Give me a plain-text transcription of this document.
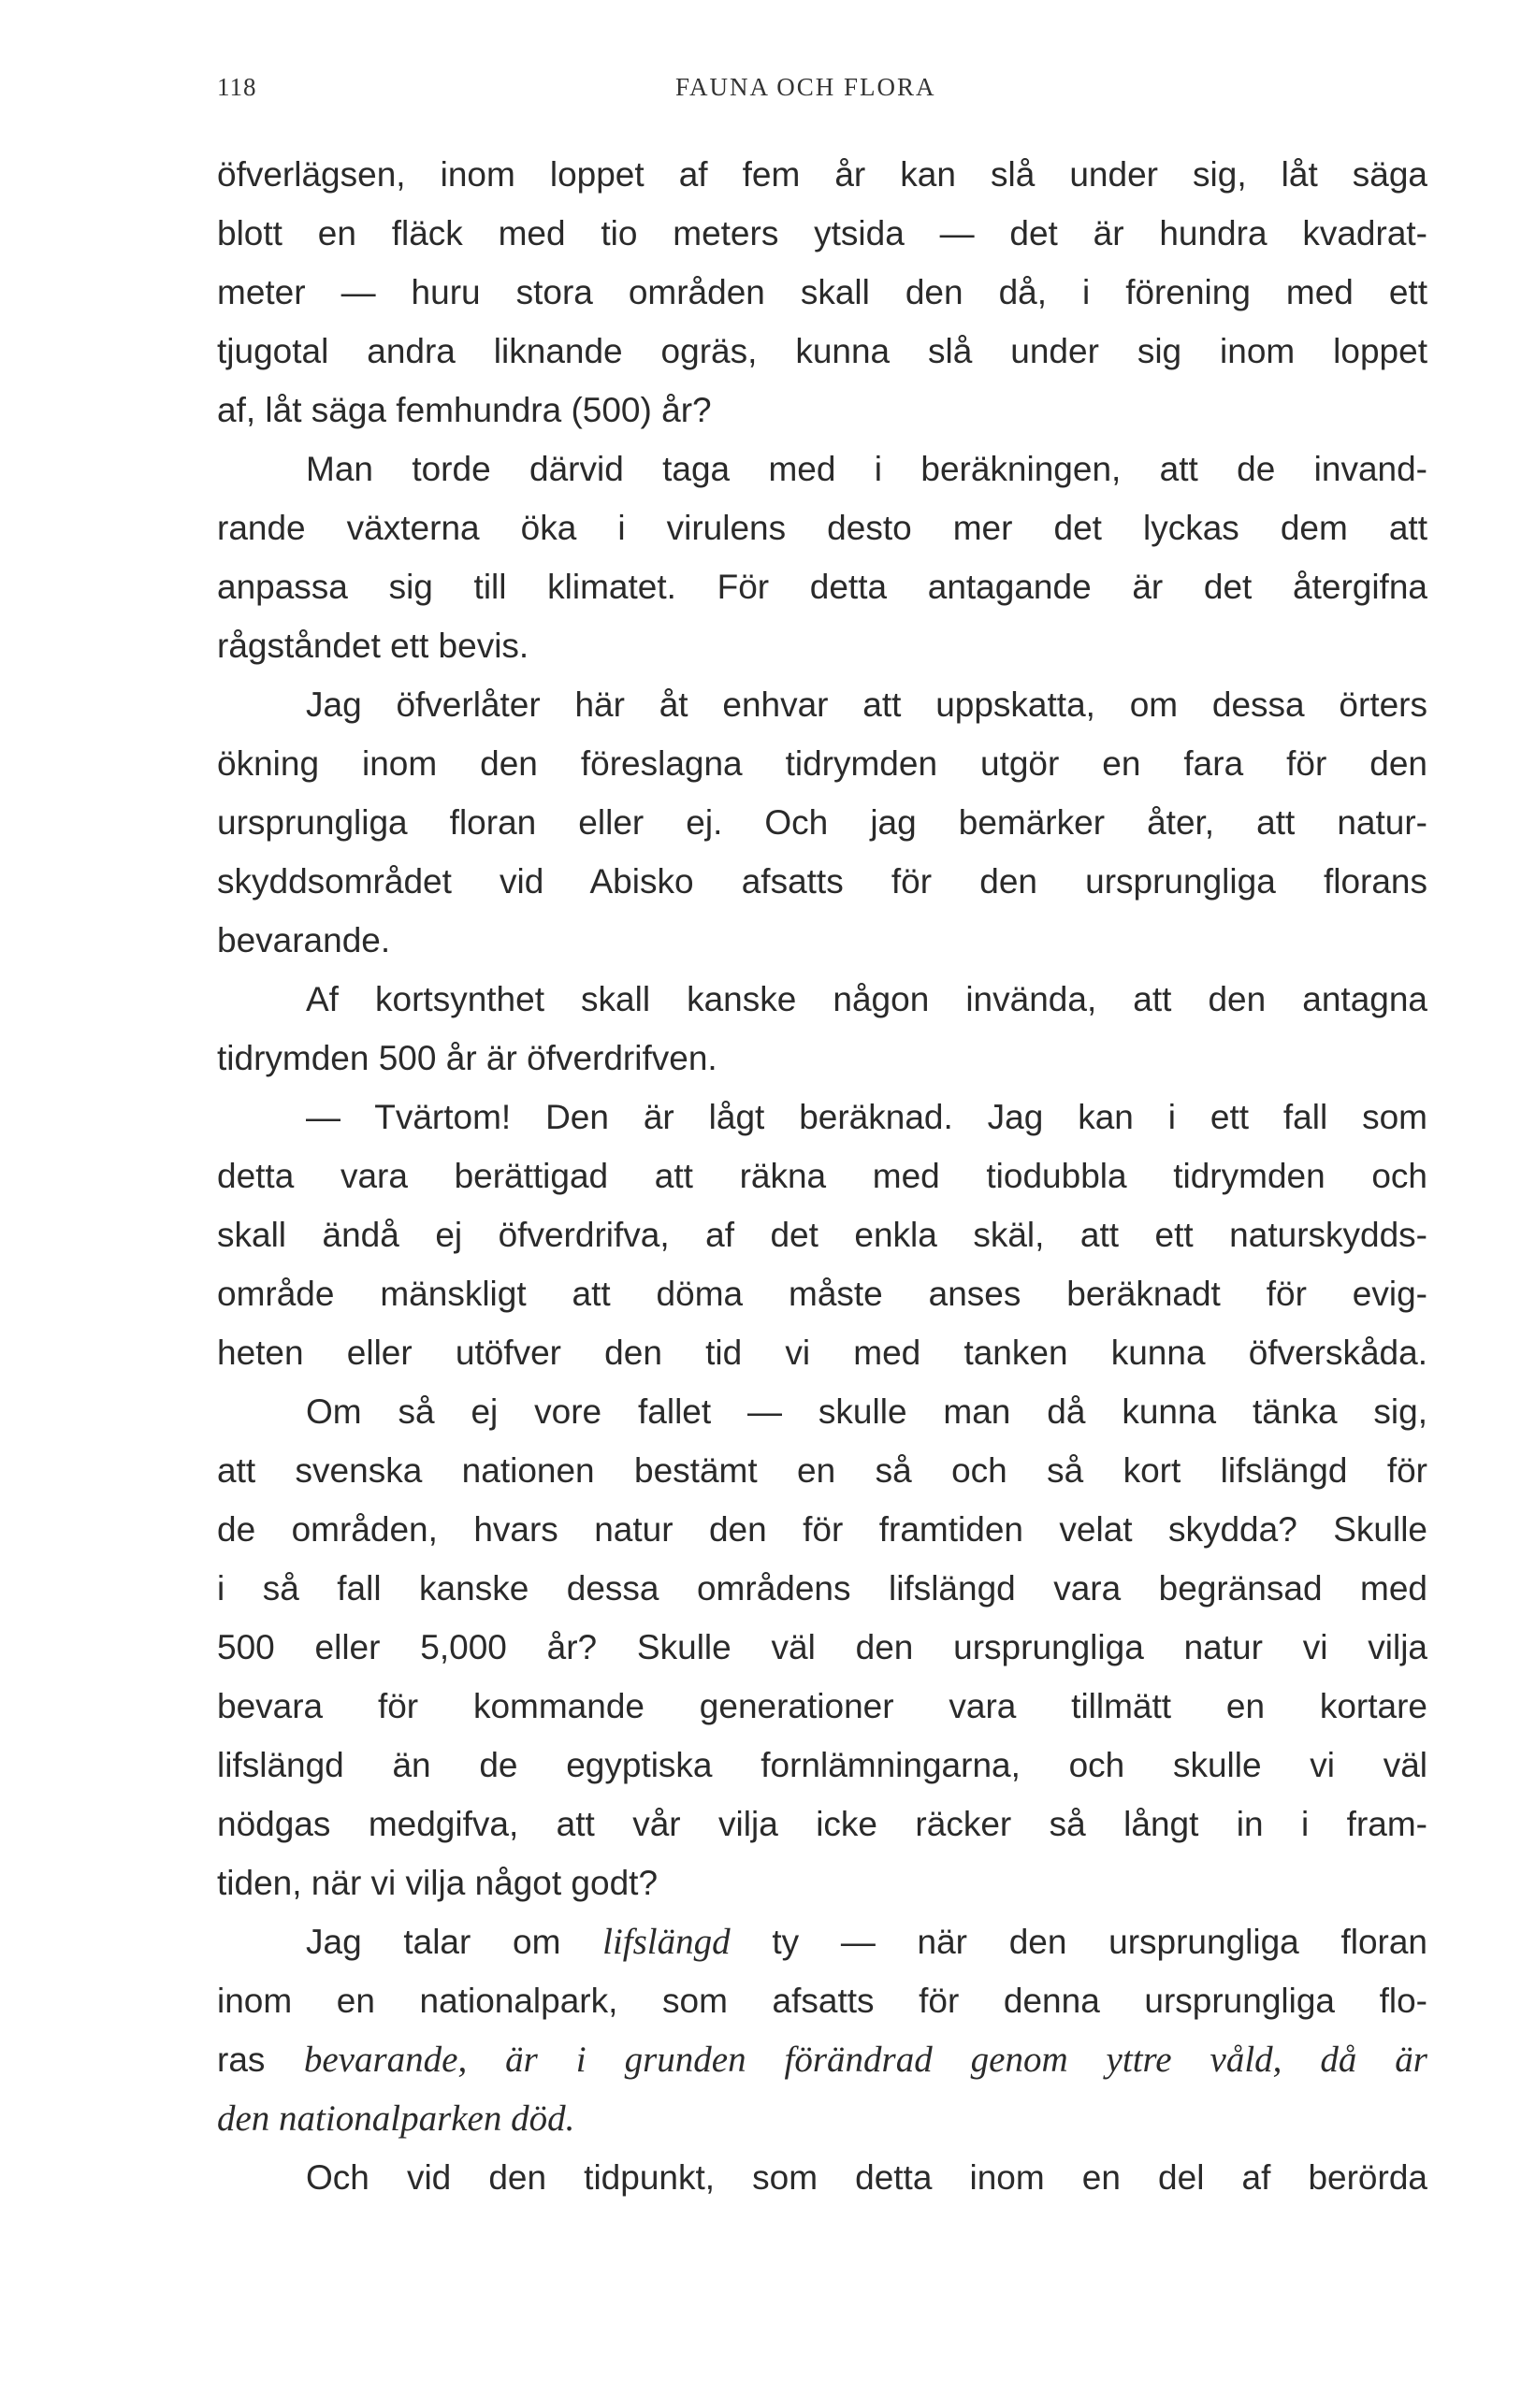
118	FAUNA OCH FLORA
öfverlägsen, inom loppet af fem år kan slå under sig, låt säga
blott en fläck med tio meters ytsida — det är hundra kvadrat-
meter — huru stora områden skall den då, i förening med ett
tjugotal andra liknande ogräs, kunna slå under sig inom loppet
af, låt säga femhundra (500) år?
Man torde därvid taga med i beräkningen, att de invand-
rande växterna öka i virulens desto mer det lyckas dem att
anpassa sig till klimatet. För detta antagande är det återgifna
rågståndet ett bevis.
Jag öfverlåter här åt enhvar att uppskatta, om dessa örters
ökning inom den föreslagna tidrymden utgör en fara för den
ursprungliga floran eller ej. Och jag bemärker åter, att natur-
skyddsområdet vid Abisko afsatts för den ursprungliga florans
bevarande.
Af kortsynthet skall kanske någon invända, att den antagna
tidrymden 500 år är öfverdrifven.
— Tvärtom! Den är lågt beräknad. Jag kan i ett fall som
detta vara berättigad att räkna med tiodubbla tidrymden och
skall ändå ej öfverdrifva, af det enkla skäl, att ett naturskydds-
område mänskligt att döma måste anses beräknadt för evig-
heten eller utöfver den tid vi med tanken kunna öfverskåda.
Om så ej vore fallet — skulle man då kunna tänka sig,
att svenska nationen bestämt en så och så kort lifslängd för
de områden, hvars natur den för framtiden velat skydda? Skulle
i så fall kanske dessa områdens lifslängd vara begränsad med
500 eller 5,000 år? Skulle väl den ursprungliga natur vi vilja
bevara för kommande generationer vara tillmätt en kortare
lifslängd än de egyptiska fornlämningarna, och skulle vi väl
nödgas medgifva, att vår vilja icke räcker så långt in i fram-
tiden, när vi vilja något godt?
Jag talar om lifslängd ty — när den ursprungliga floran
inom en nationalpark, som afsatts för denna ursprungliga flo-
ras bevarande, är i grunden förändrad genom yttre våld, då är
den nationalparken död.
Och vid den tidpunkt, som detta inom en del af berörda
